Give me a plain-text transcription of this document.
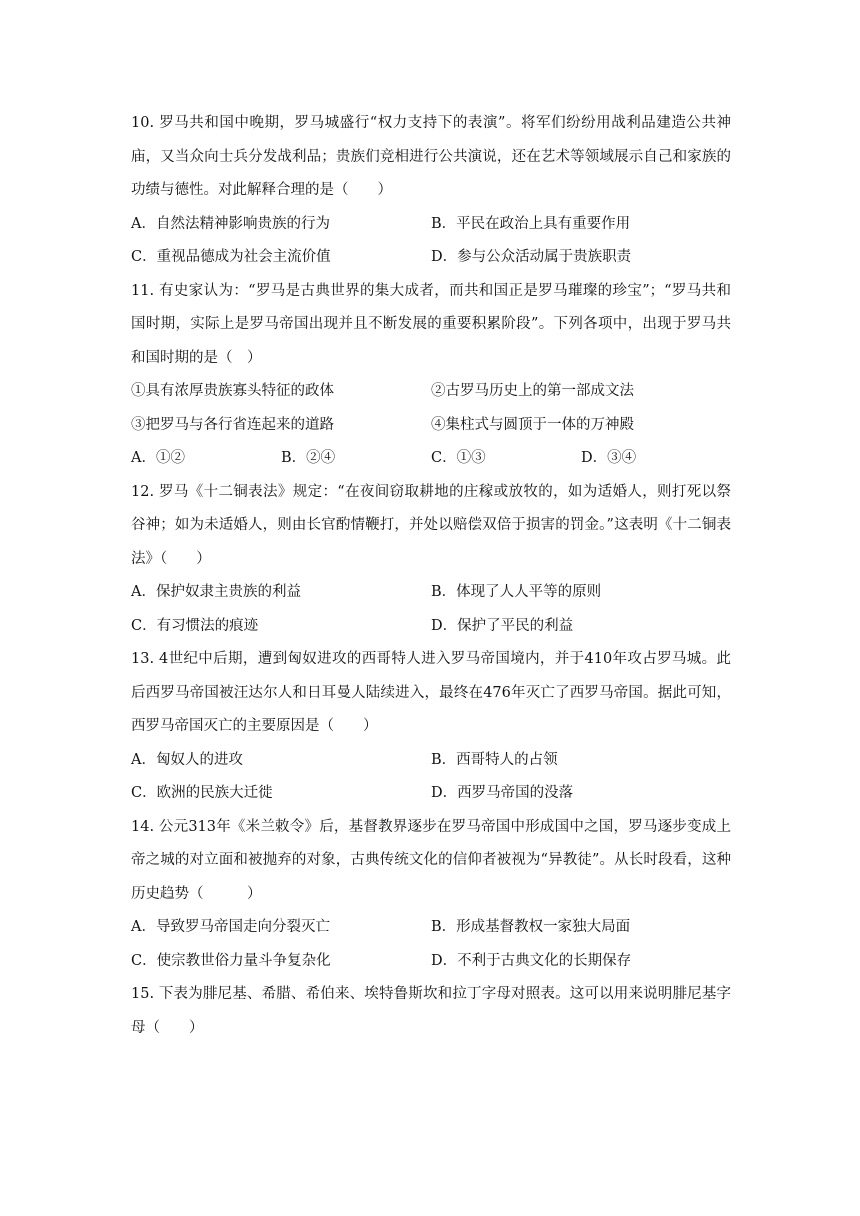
10. 罗马共和国中晚期，罗马城盛行“权力支持下的表演”。将军们纷纷用战利品建造公共神庙，又当众向士兵分发战利品；贵族们竞相进行公共演说，还在艺术等领域展示自己和家族的功绩与德性。对此解释合理的是（　　）

A．自然法精神影响贵族的行为	B．平民在政治上具有重要作用
C．重视品德成为社会主流价值	D．参与公众活动属于贵族职责

11. 有史家认为：“罗马是古典世界的集大成者，而共和国正是罗马璀璨的珍宝”；“罗马共和国时期，实际上是罗马帝国出现并且不断发展的重要积累阶段”。下列各项中，出现于罗马共和国时期的是（　）

①具有浓厚贵族寡头特征的政体	②古罗马历史上的第一部成文法
③把罗马与各行省连起来的道路	④集柱式与圆顶于一体的万神殿
A．①②	B．②④	C．①③	D．③④

12. 罗马《十二铜表法》规定：“在夜间窃取耕地的庄稼或放牧的，如为适婚人，则打死以祭谷神；如为未适婚人，则由长官酌情鞭打，并处以赔偿双倍于损害的罚金。”这表明《十二铜表法》（　　）

A．保护奴隶主贵族的利益	B．体现了人人平等的原则
C．有习惯法的痕迹	D．保护了平民的利益

13. 4世纪中后期，遭到匈奴进攻的西哥特人进入罗马帝国境内，并于410年攻占罗马城。此后西罗马帝国被汪达尔人和日耳曼人陆续进入，最终在476年灭亡了西罗马帝国。据此可知，西罗马帝国灭亡的主要原因是（　　）

A．匈奴人的进攻	B．西哥特人的占领
C．欧洲的民族大迁徙	D．西罗马帝国的没落

14. 公元313年《米兰敕令》后，基督教界逐步在罗马帝国中形成国中之国，罗马逐步变成上帝之城的对立面和被抛弃的对象，古典传统文化的信仰者被视为“异教徒”。从长时段看，这种历史趋势（　　　）

A．导致罗马帝国走向分裂灭亡	B．形成基督教权一家独大局面
C．使宗教世俗力量斗争复杂化	D．不利于古典文化的长期保存

15. 下表为腓尼基、希腊、希伯来、埃特鲁斯坎和拉丁字母对照表。这可以用来说明腓尼基字母（　　）
